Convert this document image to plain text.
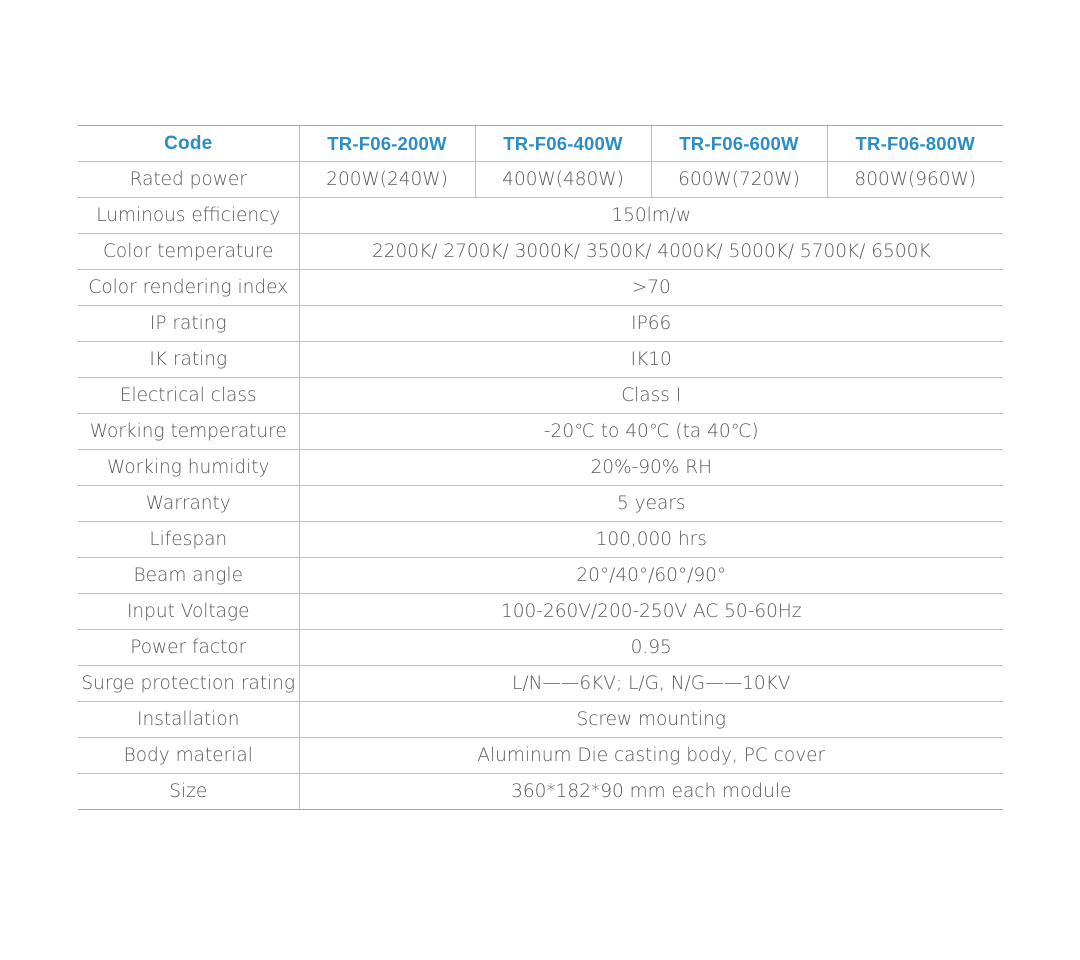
Code	TR-F06-200W	TR-F06-400W	TR-F06-600W	TR-F06-800W
Rated power	200W(240W)	400W(480W)	600W(720W)	800W(960W)
Luminous efficiency	150lm/w			
Color temperature	2200K/ 2700K/ 3000K/ 3500K/ 4000K/ 5000K/ 5700K/ 6500K			
Color rendering index	>70			
IP rating	IP66			
IK rating	IK10			
Electrical class	Class I			
Working temperature	-20℃ to 40℃ (ta 40℃)			
Working humidity	20%-90% RH			
Warranty	5 years			
Lifespan	100,000 hrs			
Beam angle	20°/40°/60°/90°			
Input Voltage	100-260V/200-250V AC 50-60Hz			
Power factor	0.95			
Surge protection rating	L/N——6KV; L/G, N/G——10KV			
Installation	Screw mounting			
Body material	Aluminum Die casting body, PC cover			
Size	360*182*90 mm each module			
